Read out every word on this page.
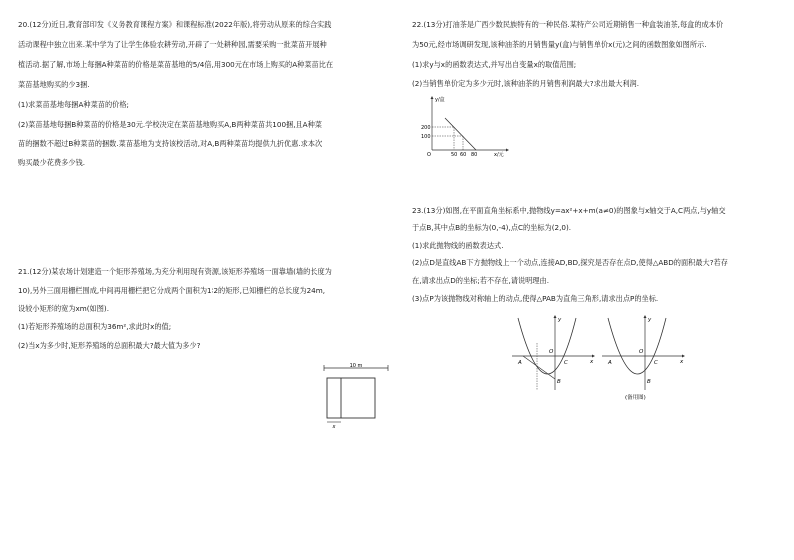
20.(12分)近日,教育部印发《义务教育课程方案》和课程标准(2022年版),将劳动从原来的综合实践
活动课程中独立出来.某中学为了让学生体验农耕劳动,开辟了一处耕种园,需要采购一批菜苗开展种
植活动.据了解,市场上每捆A种菜苗的价格是菜苗基地的5/4倍,用300元在市场上购买的A种菜苗比在
菜苗基地购买的少3捆.
(1)求菜苗基地每捆A种菜苗的价格;
(2)菜苗基地每捆B种菜苗的价格是30元.学校决定在菜苗基地购买A,B两种菜苗共100捆,且A种菜
苗的捆数不超过B种菜苗的捆数.菜苗基地为支持该校活动,对A,B两种菜苗均提供九折优惠.求本次
购买最少花费多少钱.
21.(12分)某农场计划建造一个矩形养殖场,为充分利用现有资源,该矩形养殖场一面靠墙(墙的长度为
10),另外三面用栅栏围成,中间再用栅栏把它分成两个面积为1∶2的矩形,已知栅栏的总长度为24m,
设较小矩形的宽为xm(如图).
(1)若矩形养殖场的总面积为36m²,求此时x的值;
(2)当x为多少时,矩形养殖场的总面积最大?最大值为多少?
10 m
x
22.(13分)打油茶是广西少数民族特有的一种民俗.某特产公司近期销售一种盒装油茶,每盒的成本价
为50元,经市场调研发现,该种油茶的月销售量y(盒)与销售单价x(元)之间的函数图象如图所示.
(1)求y与x的函数表达式,并写出自变量x的取值范围;
(2)当销售单价定为多少元时,该种油茶的月销售利润最大?求出最大利润.
y/盒
x/元
O
200
100
50 60 80
23.(13分)如图,在平面直角坐标系中,抛物线y=ax²+x+m(a≠0)的图象与x轴交于A,C两点,与y轴交
于点B,其中点B的坐标为(0,-4),点C的坐标为(2,0).
(1)求此抛物线的函数表达式.
(2)点D是直线AB下方抛物线上一个动点,连接AD,BD,探究是否存在点D,使得△ABD的面积最大?若存
在,请求出点D的坐标;若不存在,请说明理由.
(3)点P为该抛物线对称轴上的动点,使得△PAB为直角三角形,请求出点P的坐标.
A
O
C
B
x
y
A
O
C
B
x
y
(备用图)
